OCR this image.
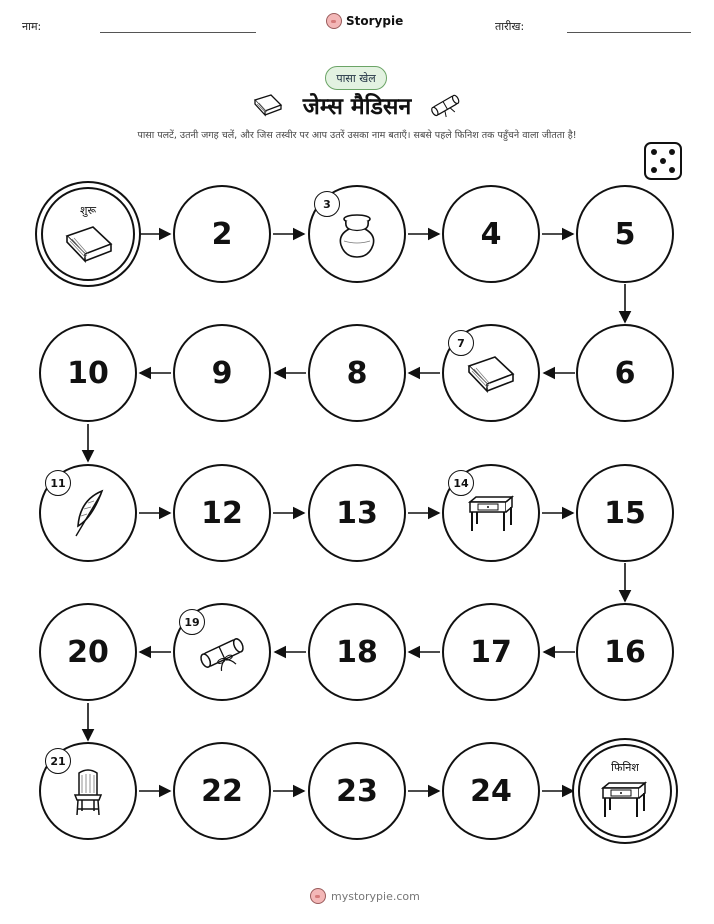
नाम:	Storypie	तारीख:
पासा खेल
जेम्स मैडिसन
पासा पलटें, उतनी जगह चलें, और जिस तस्वीर पर आप उतरें उसका नाम बताएँ। सबसे पहले फिनिश तक पहुँचने वाला जीतता है!
शुरू
2
3
4	5
6
7
8
9
10
11
12	13
14
15
16
17
18
19
20
21
22	23	24
फिनिश
mystorypie.com
